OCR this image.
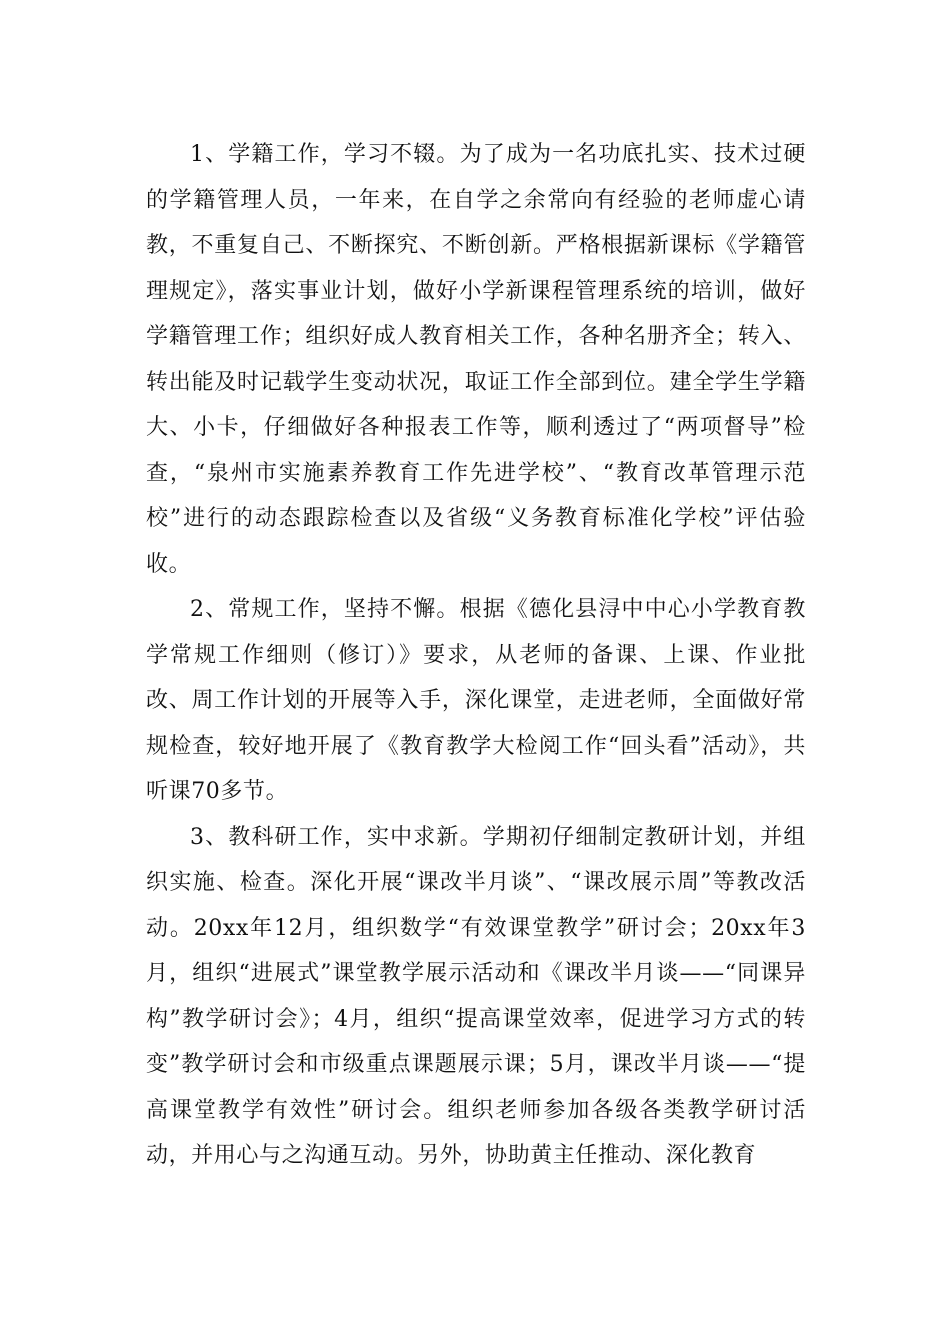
1、学籍工作，学习不辍。为了成为一名功底扎实、技术过硬的学籍管理人员，一年来，在自学之余常向有经验的老师虚心请教，不重复自己、不断探究、不断创新。严格根据新课标《学籍管理规定》，落实事业计划，做好小学新课程管理系统的培训，做好学籍管理工作；组织好成人教育相关工作，各种名册齐全；转入、转出能及时记载学生变动状况，取证工作全部到位。建全学生学籍大、小卡，仔细做好各种报表工作等，顺利透过了“两项督导”检查，“泉州市实施素养教育工作先进学校”、“教育改革管理示范校”进行的动态跟踪检查以及省级“义务教育标准化学校”评估验收。

2、常规工作，坚持不懈。根据《德化县浔中中心小学教育教学常规工作细则（修订）》要求，从老师的备课、上课、作业批改、周工作计划的开展等入手，深化课堂，走进老师，全面做好常规检查，较好地开展了《教育教学大检阅工作“回头看”活动》，共听课70多节。

3、教科研工作，实中求新。学期初仔细制定教研计划，并组织实施、检查。深化开展“课改半月谈”、“课改展示周”等教改活动。20xx年12月，组织数学“有效课堂教学”研讨会；20xx年3月，组织“进展式”课堂教学展示活动和《课改半月谈——“同课异构”教学研讨会》；4月，组织“提高课堂效率，促进学习方式的转变”教学研讨会和市级重点课题展示课；5月，课改半月谈——“提高课堂教学有效性”研讨会。组织老师参加各级各类教学研讨活动，并用心与之沟通互动。另外，协助黄主任推动、深化教育
